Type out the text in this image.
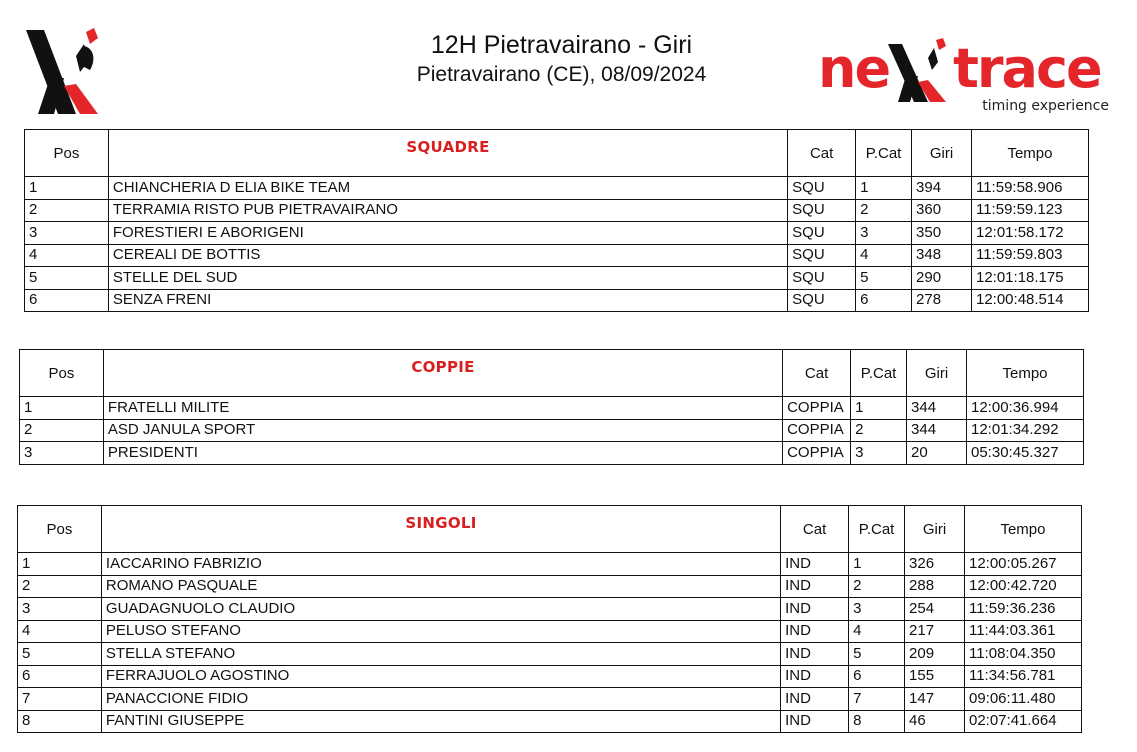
12H Pietravairano - Giri
Pietravairano (CE), 08/09/2024	ne trace
timing experience
Pos	SQUADRE	Cat	P.Cat	Giri	Tempo
1	CHIANCHERIA D ELIA BIKE TEAM	SQU	1	394	11:59:58.906
2	TERRAMIA RISTO PUB PIETRAVAIRANO	SQU	2	360	11:59:59.123
3	FORESTIERI E ABORIGENI	SQU	3	350	12:01:58.172
4	CEREALI DE BOTTIS	SQU	4	348	11:59:59.803
5	STELLE DEL SUD	SQU	5	290	12:01:18.175
6	SENZA FRENI	SQU	6	278	12:00:48.514
Pos	COPPIE	Cat	P.Cat	Giri	Tempo
1	FRATELLI MILITE	COPPIA	1	344	12:00:36.994
2	ASD JANULA SPORT	COPPIA	2	344	12:01:34.292
3	PRESIDENTI	COPPIA	3	20	05:30:45.327
Pos	SINGOLI	Cat	P.Cat	Giri	Tempo
1	IACCARINO FABRIZIO	IND	1	326	12:00:05.267
2	ROMANO PASQUALE	IND	2	288	12:00:42.720
3	GUADAGNUOLO CLAUDIO	IND	3	254	11:59:36.236
4	PELUSO STEFANO	IND	4	217	11:44:03.361
5	STELLA STEFANO	IND	5	209	11:08:04.350
6	FERRAJUOLO AGOSTINO	IND	6	155	11:34:56.781
7	PANACCIONE FIDIO	IND	7	147	09:06:11.480
8	FANTINI GIUSEPPE	IND	8	46	02:07:41.664
